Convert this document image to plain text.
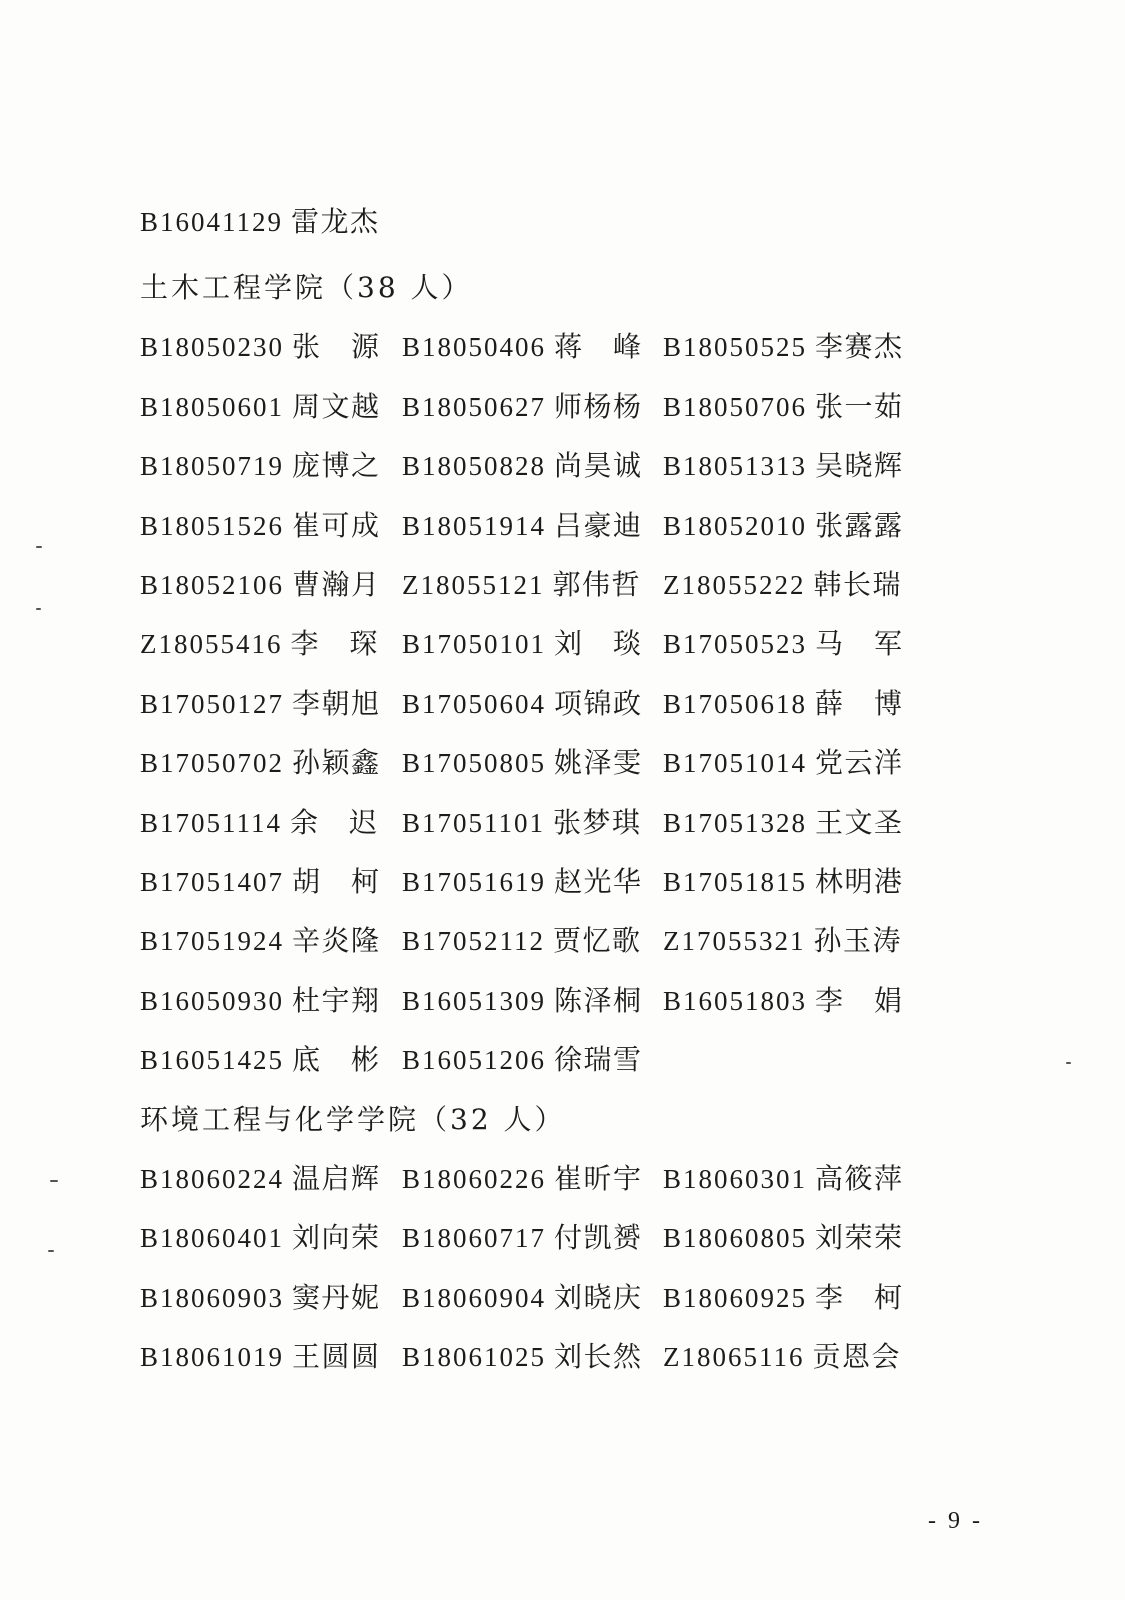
B16041129 雷龙杰
土木工程学院（38 人）
B18050230 张 源 B18050406 蒋 峰 B18050525 李赛杰
B18050601 周文越 B18050627 师杨杨 B18050706 张一茹
B18050719 庞博之 B18050828 尚昊诚 B18051313 吴晓辉
B18051526 崔可成 B18051914 吕豪迪 B18052010 张露露
B18052106 曹瀚月 Z18055121 郭伟哲 Z18055222 韩长瑞
Z18055416 李 琛 B17050101 刘 琰 B17050523 马 军
B17050127 李朝旭 B17050604 项锦政 B17050618 薛 博
B17050702 孙颖鑫 B17050805 姚泽雯 B17051014 党云洋
B17051114 余 迟 B17051101 张梦琪 B17051328 王文圣
B17051407 胡 柯 B17051619 赵光华 B17051815 林明港
B17051924 辛炎隆 B17052112 贾忆歌 Z17055321 孙玉涛
B16050930 杜宇翔 B16051309 陈泽桐 B16051803 李 娟
B16051425 底 彬 B16051206 徐瑞雪
环境工程与化学学院（32 人）
B18060224 温启辉 B18060226 崔昕宇 B18060301 高筱萍
B18060401 刘向荣 B18060717 付凯赟 B18060805 刘荣荣
B18060903 窦丹妮 B18060904 刘晓庆 B18060925 李 柯
B18061019 王圆圆 B18061025 刘长然 Z18065116 贡恩会
- 9 -
